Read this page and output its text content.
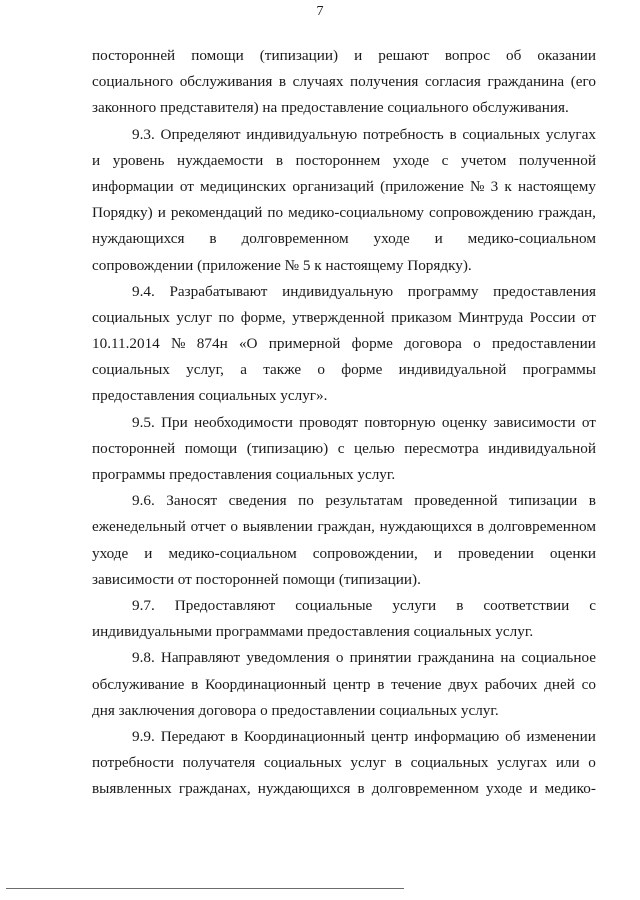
7
посторонней помощи (типизации) и решают вопрос об оказании
социального обслуживания в случаях получения согласия гражданина (его
законного представителя) на предоставление социального обслуживания.
9.3. Определяют индивидуальную потребность в социальных услугах
и уровень нуждаемости в постороннем уходе с учетом полученной
информации от медицинских организаций (приложение № 3 к настоящему
Порядку) и рекомендаций по медико-социальному сопровождению граждан,
нуждающихся в долговременном уходе и медико-социальном
сопровождении (приложение № 5 к настоящему Порядку).
9.4. Разрабатывают индивидуальную программу предоставления
социальных услуг по форме, утвержденной приказом Минтруда России от
10.11.2014 № 874н «О примерной форме договора о предоставлении
социальных услуг, а также о форме индивидуальной программы
предоставления социальных услуг».
9.5. При необходимости проводят повторную оценку зависимости от
посторонней помощи (типизацию) с целью пересмотра индивидуальной
программы предоставления социальных услуг.
9.6. Заносят сведения по результатам проведенной типизации в
еженедельный отчет о выявлении граждан, нуждающихся в долговременном
уходе и медико-социальном сопровождении, и проведении оценки
зависимости от посторонней помощи (типизации).
9.7. Предоставляют социальные услуги в соответствии с
индивидуальными программами предоставления социальных услуг.
9.8. Направляют уведомления о принятии гражданина на социальное
обслуживание в Координационный центр в течение двух рабочих дней со
дня заключения договора о предоставлении социальных услуг.
9.9. Передают в Координационный центр информацию об изменении
потребности получателя социальных услуг в социальных услугах или о
выявленных гражданах, нуждающихся в долговременном уходе и медико-
